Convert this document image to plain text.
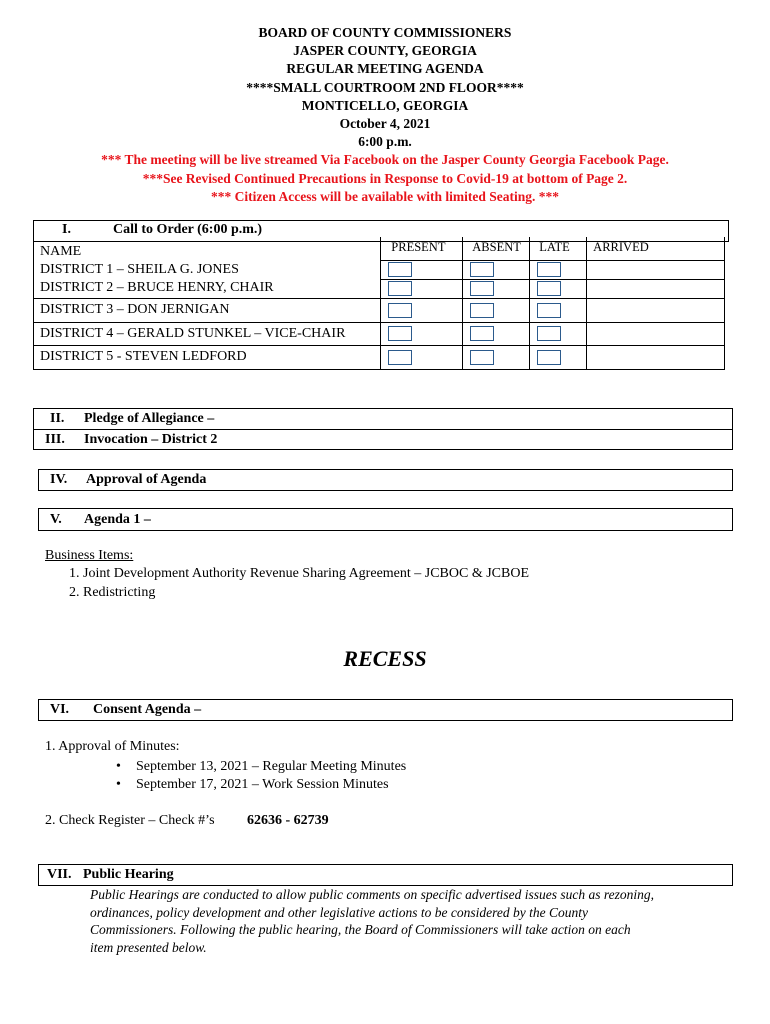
BOARD OF COUNTY COMMISSIONERS
JASPER COUNTY, GEORGIA
REGULAR MEETING AGENDA
****SMALL COURTROOM 2ND FLOOR****
MONTICELLO, GEORGIA
October 4, 2021
6:00 p.m.
*** The meeting will be live streamed Via Facebook on the Jasper County Georgia Facebook Page.
***See Revised Continued Precautions in Response to Covid-19 at bottom of Page 2.
*** Citizen Access will be available with limited Seating. ***
I.	Call to Order (6:00 p.m.)
NAME	PRESENT	ABSENT	LATE	ARRIVED
DISTRICT 1 – SHEILA G. JONES	

DISTRICT 2 – BRUCE HENRY, CHAIR	

DISTRICT 3 – DON JERNIGAN	

DISTRICT 4 – GERALD STUNKEL – VICE-CHAIR	

DISTRICT 5 - STEVEN LEDFORD	

II. Pledge of Allegiance –
III. Invocation – District 2
IV. Approval of Agenda
V. Agenda 1 –
Business Items:
1. Joint Development Authority Revenue Sharing Agreement – JCBOC & JCBOE
2. Redistricting
RECESS
VI. Consent Agenda –
1. Approval of Minutes:
• September 13, 2021 – Regular Meeting Minutes
• September 17, 2021 – Work Session Minutes
2. Check Register – Check #’s 62636 - 62739
VII. Public Hearing
Public Hearings are conducted to allow public comments on specific advertised issues such as rezoning,
ordinances, policy development and other legislative actions to be considered by the County
Commissioners. Following the public hearing, the Board of Commissioners will take action on each
item presented below.
